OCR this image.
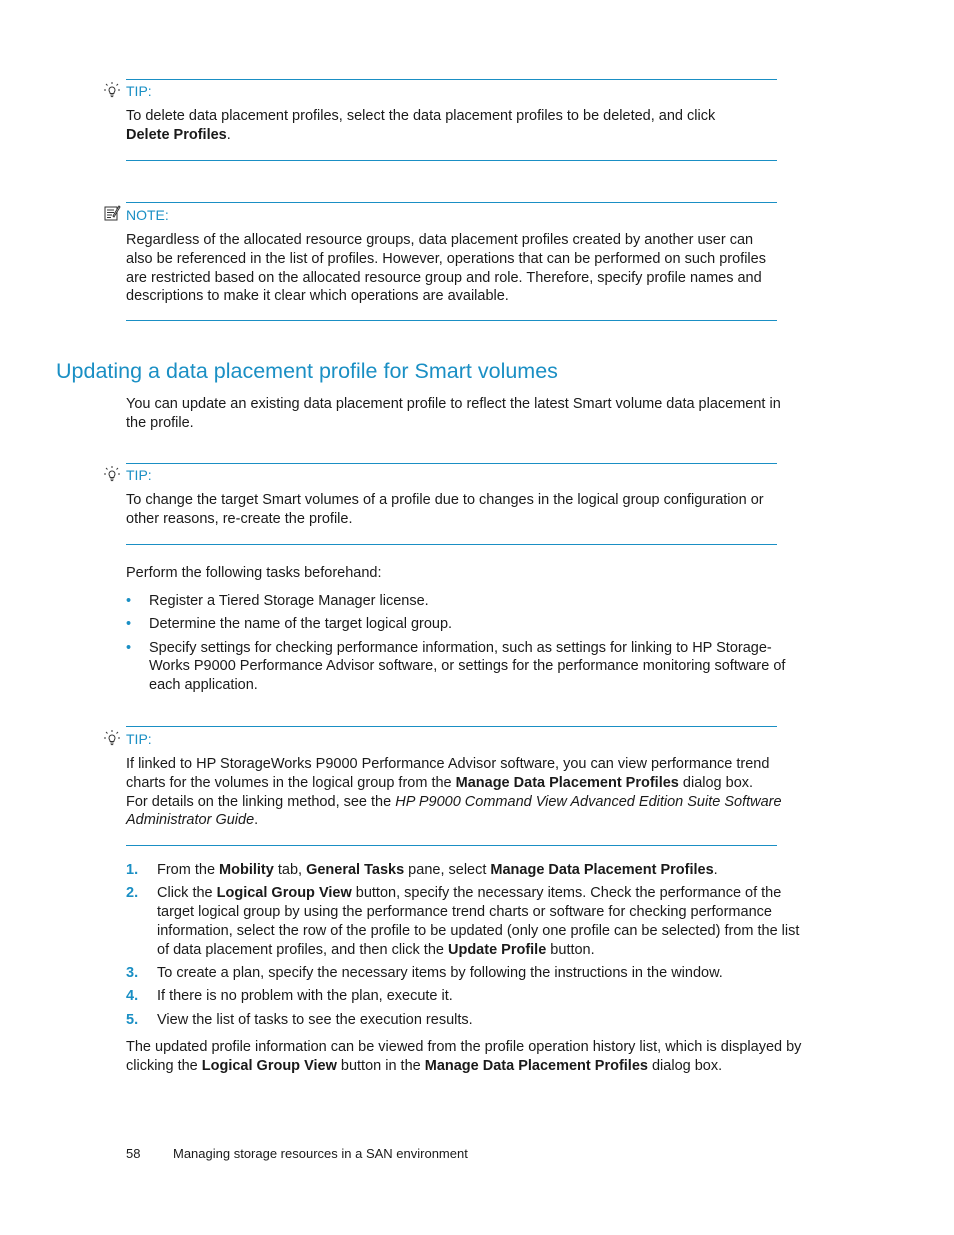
TIP:
To delete data placement profiles, select the data placement profiles to be deleted, and click
Delete Profiles.
NOTE:
Regardless of the allocated resource groups, data placement profiles created by another user can also be referenced in the list of profiles. However, operations that can be performed on such profiles are restricted based on the allocated resource group and role. Therefore, specify profile names and descriptions to make it clear which operations are available.
Updating a data placement profile for Smart volumes
You can update an existing data placement profile to reflect the latest Smart volume data placement in the profile.
TIP:
To change the target Smart volumes of a profile due to changes in the logical group configuration or other reasons, re-create the profile.
Perform the following tasks beforehand:
• Register a Tiered Storage Manager license.
• Determine the name of the target logical group.
• Specify settings for checking performance information, such as settings for linking to HP Storage-Works P9000 Performance Advisor software, or settings for the performance monitoring software of each application.
TIP:
If linked to HP StorageWorks P9000 Performance Advisor software, you can view performance trend charts for the volumes in the logical group from the Manage Data Placement Profiles dialog box.
For details on the linking method, see the HP P9000 Command View Advanced Edition Suite Software Administrator Guide.
1. From the Mobility tab, General Tasks pane, select Manage Data Placement Profiles.
2. Click the Logical Group View button, specify the necessary items. Check the performance of the target logical group by using the performance trend charts or software for checking performance information, select the row of the profile to be updated (only one profile can be selected) from the list of data placement profiles, and then click the Update Profile button.
3. To create a plan, specify the necessary items by following the instructions in the window.
4. If there is no problem with the plan, execute it.
5. View the list of tasks to see the execution results.
The updated profile information can be viewed from the profile operation history list, which is displayed by clicking the Logical Group View button in the Manage Data Placement Profiles dialog box.
58	Managing storage resources in a SAN environment
